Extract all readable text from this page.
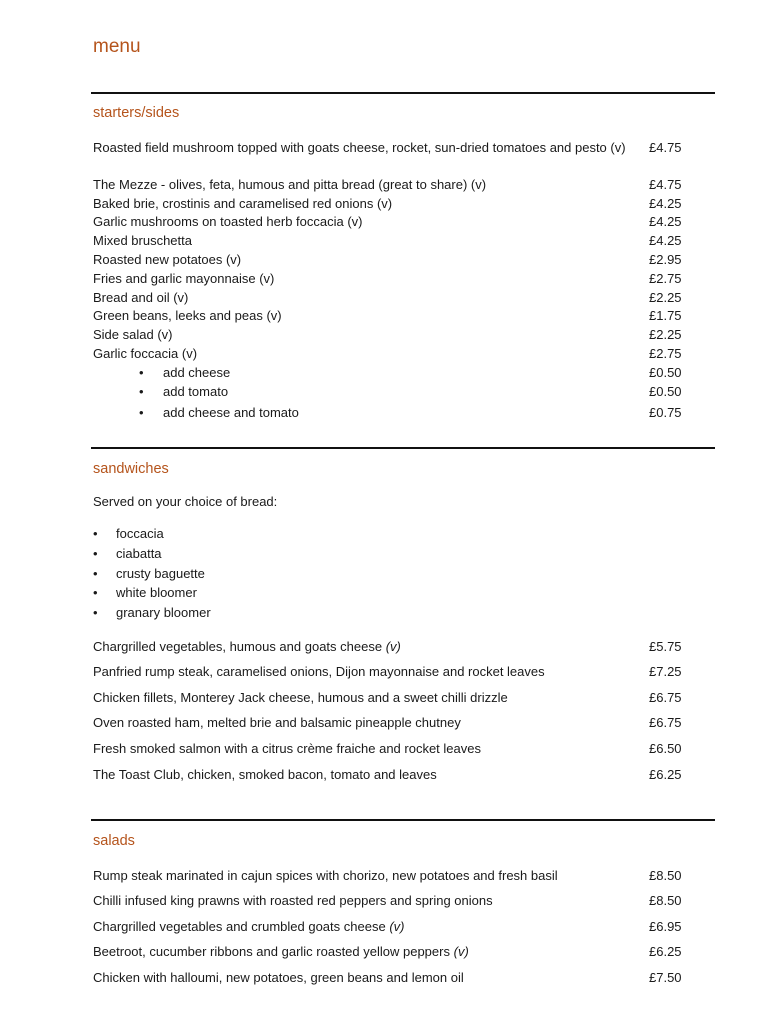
menu
starters/sides
Roasted field mushroom topped with goats cheese, rocket, sun-dried tomatoes and pesto (v) £4.75
The Mezze - olives, feta, humous and pitta bread (great to share) (v)	£4.75
Baked brie, crostinis and caramelised red onions (v)	£4.25
Garlic mushrooms on toasted herb foccacia (v)	£4.25
Mixed bruschetta	£4.25
Roasted new potatoes (v)	£2.95
Fries and garlic mayonnaise (v)	£2.75
Bread and oil (v)	£2.25
Green beans, leeks and peas (v)	£1.75
Side salad (v)	£2.25
Garlic foccacia (v)	£2.75
•	add cheese	£0.50
•	add tomato	£0.50
•	add cheese and tomato	£0.75
sandwiches
Served on your choice of bread:
• foccacia
• ciabatta
• crusty baguette
• white bloomer
• granary bloomer
Chargrilled vegetables, humous and goats cheese (v)	£5.75
Panfried rump steak, caramelised onions, Dijon mayonnaise and rocket leaves	£7.25
Chicken fillets, Monterey Jack cheese, humous and a sweet chilli drizzle	£6.75
Oven roasted ham, melted brie and balsamic pineapple chutney	£6.75
Fresh smoked salmon with a citrus crème fraiche and rocket leaves	£6.50
The Toast Club, chicken, smoked bacon, tomato and leaves	£6.25
salads
Rump steak marinated in cajun spices with chorizo, new potatoes and fresh basil	£8.50
Chilli infused king prawns with roasted red peppers and spring onions	£8.50
Chargrilled vegetables and crumbled goats cheese (v)	£6.95
Beetroot, cucumber ribbons and garlic roasted yellow peppers (v)	£6.25
Chicken with halloumi, new potatoes, green beans and lemon oil	£7.50
